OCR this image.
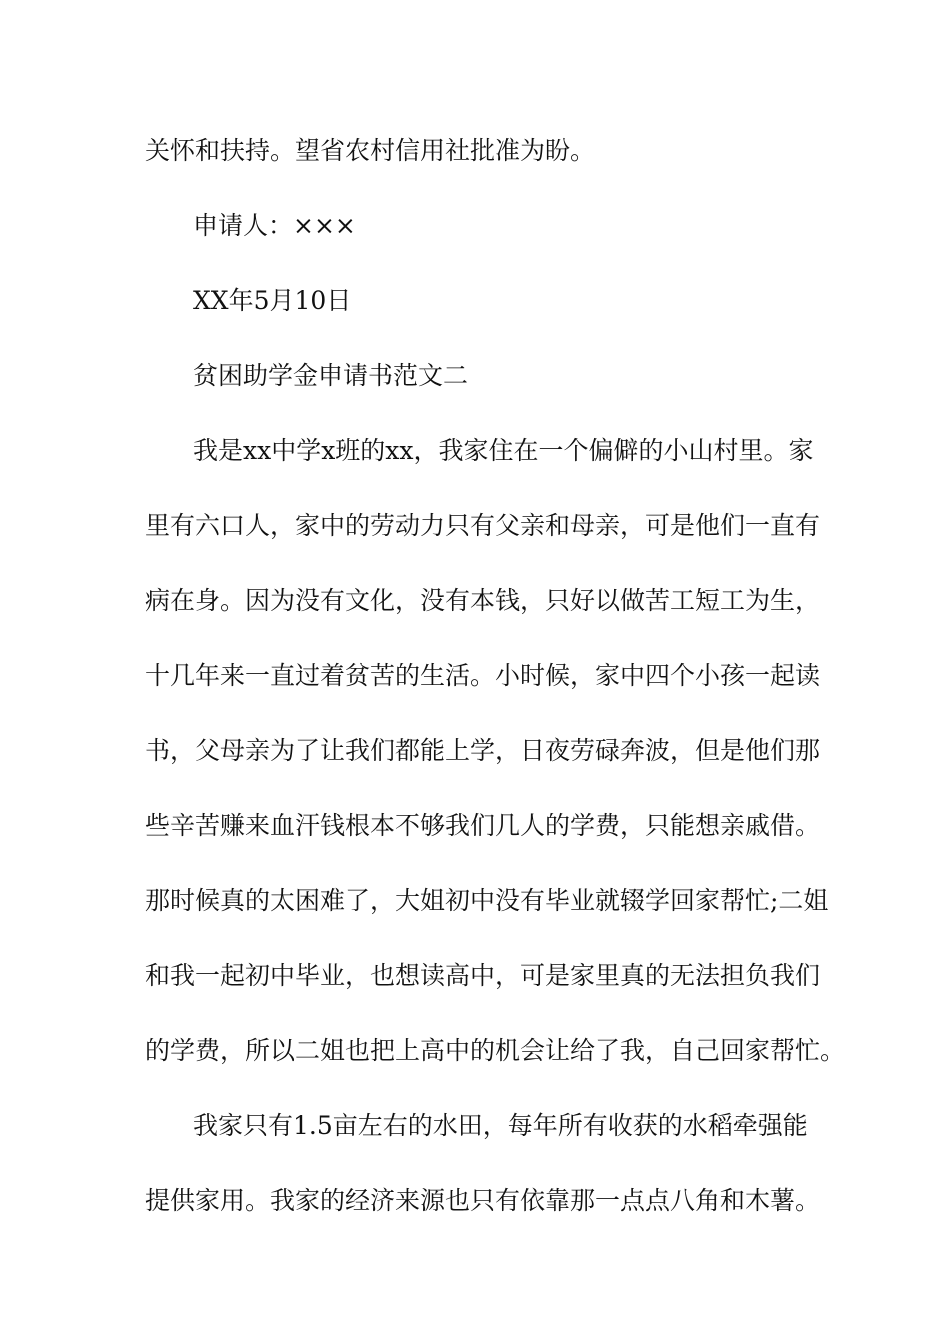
关怀和扶持。望省农村信用社批准为盼。
申请人：×××
XX年5月10日
贫困助学金申请书范文二
我是xx中学x班的xx，我家住在一个偏僻的小山村里。家
里有六口人，家中的劳动力只有父亲和母亲，可是他们一直有
病在身。因为没有文化，没有本钱，只好以做苦工短工为生，
十几年来一直过着贫苦的生活。小时候，家中四个小孩一起读
书，父母亲为了让我们都能上学，日夜劳碌奔波，但是他们那
些辛苦赚来血汗钱根本不够我们几人的学费，只能想亲戚借。
那时候真的太困难了，大姐初中没有毕业就辍学回家帮忙;二姐
和我一起初中毕业，也想读高中，可是家里真的无法担负我们
的学费，所以二姐也把上高中的机会让给了我，自己回家帮忙。
我家只有1.5亩左右的水田，每年所有收获的水稻牵强能
提供家用。我家的经济来源也只有依靠那一点点八角和木薯。
